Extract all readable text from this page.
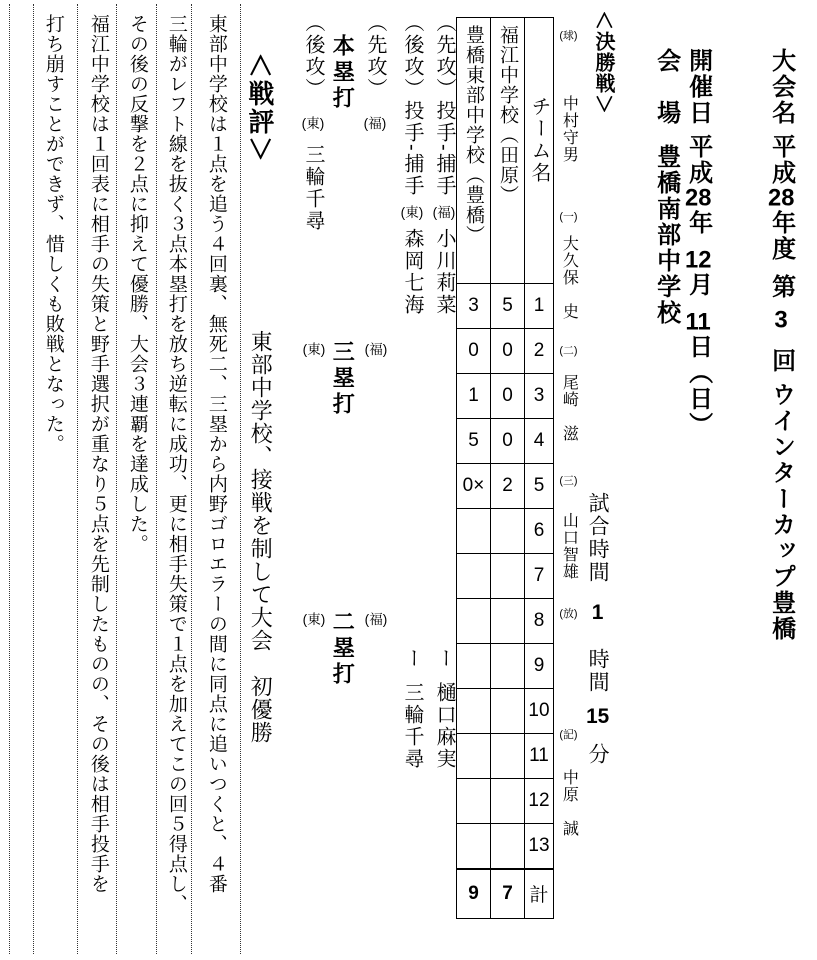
大会名平成28年度第3回ウインターカップ豊橋
開催日平成28年12月11日（日）
会　場豊橋南部中学校
＜決勝戦＞
試合時間1時間15分
(球)中村守男(一)大久保　史(二)尾崎　滋(三)山口智雄(放)(記)中原　誠
豊橋東部中学校（豊橋）	福江中学校（田原）	チーム名
3	5	1
0	0	2
1	0	3
5	0	4
0×	2	5
		6
		7
		8
		9
		10
		11
		12
		13
9	7	計
（先攻）投手-捕手(福)小川莉菜
ー樋口麻実
（後攻）投手-捕手(東)森岡七海
ー三輪千尋
（先攻）(福)
本塁打
（後攻）(東)三輪千尋
(福)
三塁打
(東)
(福)
二塁打
(東)
＜戦評＞
東部中学校、接戦を制して大会　初優勝
東部中学校は１点を追う４回裏、無死二、三塁から内野ゴロエラーの間に同点に追いつくと、４番
三輪がレフト線を抜く３点本塁打を放ち逆転に成功、更に相手失策で１点を加えてこの回５得点し、
その後の反撃を２点に抑えて優勝、大会３連覇を達成した。
福江中学校は１回表に相手の失策と野手選択が重なり５点を先制したものの、その後は相手投手を
打ち崩すことができず、惜しくも敗戦となった。
